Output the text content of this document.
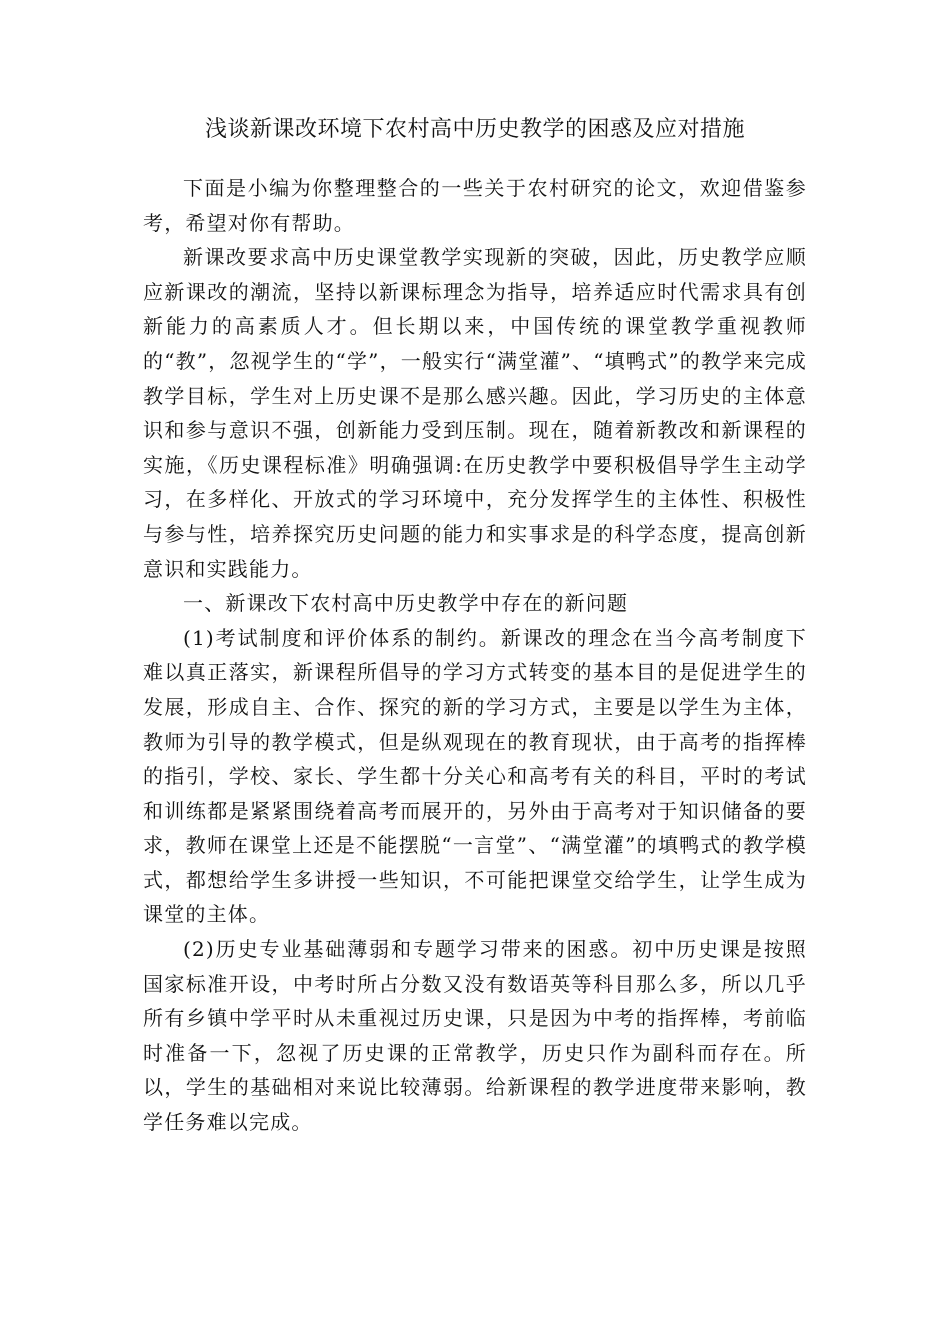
浅谈新课改环境下农村高中历史教学的困惑及应对措施

下面是小编为你整理整合的一些关于农村研究的论文，欢迎借鉴参考，希望对你有帮助。

新课改要求高中历史课堂教学实现新的突破，因此，历史教学应顺应新课改的潮流，坚持以新课标理念为指导，培养适应时代需求具有创新能力的高素质人才。但长期以来，中国传统的课堂教学重视教师的“教”，忽视学生的“学”，一般实行“满堂灌”、“填鸭式”的教学来完成教学目标，学生对上历史课不是那么感兴趣。因此，学习历史的主体意识和参与意识不强，创新能力受到压制。现在，随着新教改和新课程的实施，《历史课程标准》明确强调:在历史教学中要积极倡导学生主动学习，在多样化、开放式的学习环境中，充分发挥学生的主体性、积极性与参与性，培养探究历史问题的能力和实事求是的科学态度，提高创新意识和实践能力。

一、新课改下农村高中历史教学中存在的新问题

(1)考试制度和评价体系的制约。新课改的理念在当今高考制度下难以真正落实，新课程所倡导的学习方式转变的基本目的是促进学生的发展，形成自主、合作、探究的新的学习方式，主要是以学生为主体，教师为引导的教学模式，但是纵观现在的教育现状，由于高考的指挥棒的指引，学校、家长、学生都十分关心和高考有关的科目，平时的考试和训练都是紧紧围绕着高考而展开的，另外由于高考对于知识储备的要求，教师在课堂上还是不能摆脱“一言堂”、“满堂灌”的填鸭式的教学模式，都想给学生多讲授一些知识，不可能把课堂交给学生，让学生成为课堂的主体。

(2)历史专业基础薄弱和专题学习带来的困惑。初中历史课是按照国家标准开设，中考时所占分数又没有数语英等科目那么多，所以几乎所有乡镇中学平时从未重视过历史课，只是因为中考的指挥棒，考前临时准备一下，忽视了历史课的正常教学，历史只作为副科而存在。所以，学生的基础相对来说比较薄弱。给新课程的教学进度带来影响，教学任务难以完成。
